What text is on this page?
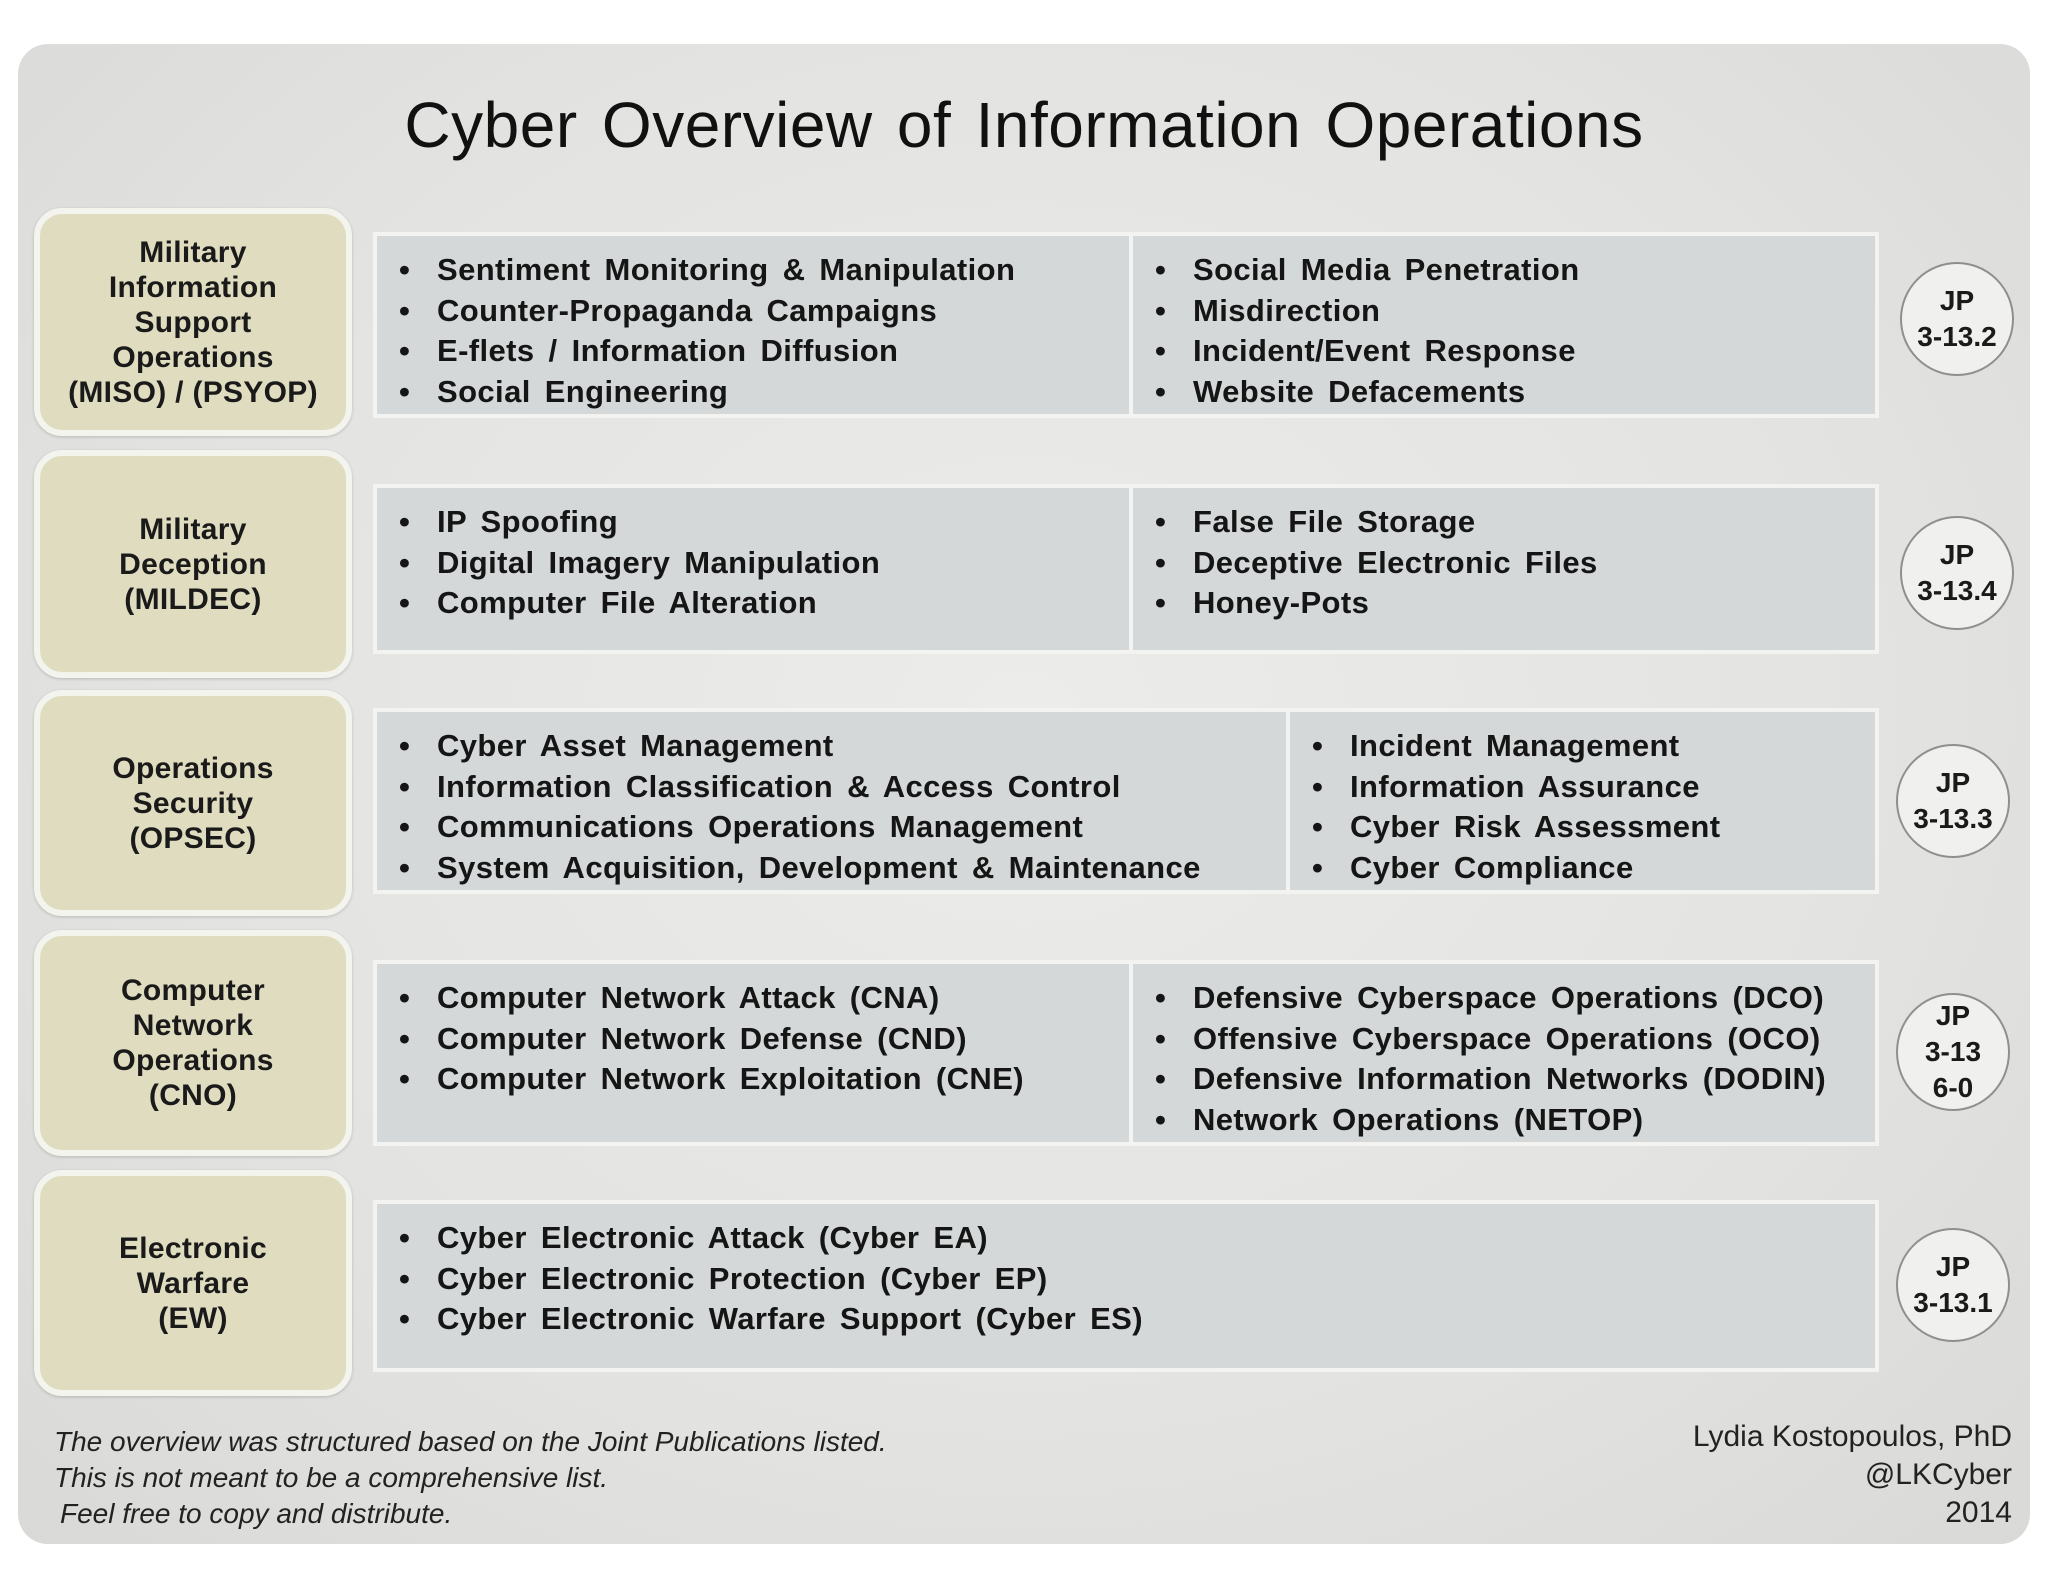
Cyber Overview of Information Operations
Military
Information
Support
Operations
(MISO) / (PSYOP)
• Sentiment Monitoring & Manipulation
• Counter-Propaganda Campaigns
• E-flets / Information Diffusion
• Social Engineering
• Social Media Penetration
• Misdirection
• Incident/Event Response
• Website Defacements
JP
3-13.2
Military
Deception
(MILDEC)
• IP Spoofing
• Digital Imagery Manipulation
• Computer File Alteration
• False File Storage
• Deceptive Electronic Files
• Honey-Pots
JP
3-13.4
Operations
Security
(OPSEC)
• Cyber Asset Management
• Information Classification & Access Control
• Communications Operations Management
• System Acquisition, Development & Maintenance
• Incident Management
• Information Assurance
• Cyber Risk Assessment
• Cyber Compliance
JP
3-13.3
Computer
Network
Operations
(CNO)
• Computer Network Attack (CNA)
• Computer Network Defense (CND)
• Computer Network Exploitation (CNE)
• Defensive Cyberspace Operations (DCO)
• Offensive Cyberspace Operations (OCO)
• Defensive Information Networks (DODIN)
• Network Operations (NETOP)
JP
3-13
6-0
Electronic
Warfare
(EW)
• Cyber Electronic Attack (Cyber EA)
• Cyber Electronic Protection (Cyber EP)
• Cyber Electronic Warfare Support (Cyber ES)
JP
3-13.1
The overview was structured based on the Joint Publications listed.
This is not meant to be a comprehensive list.
Feel free to copy and distribute.
Lydia Kostopoulos, PhD
@LKCyber
2014
